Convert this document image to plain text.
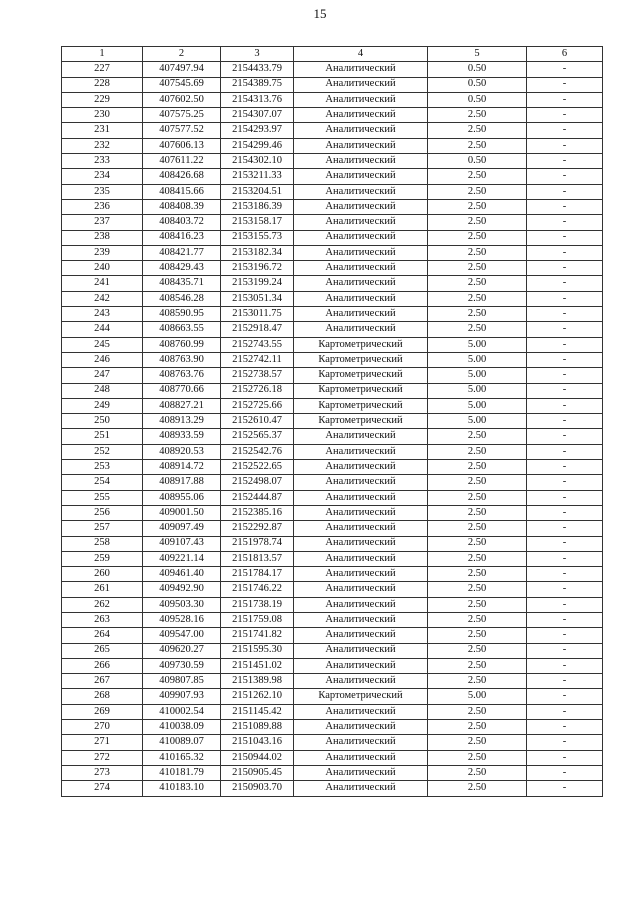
15
1	2	3	4	5	6
227	407497.94	2154433.79	Аналитический	0.50	-
228	407545.69	2154389.75	Аналитический	0.50	-
229	407602.50	2154313.76	Аналитический	0.50	-
230	407575.25	2154307.07	Аналитический	2.50	-
231	407577.52	2154293.97	Аналитический	2.50	-
232	407606.13	2154299.46	Аналитический	2.50	-
233	407611.22	2154302.10	Аналитический	0.50	-
234	408426.68	2153211.33	Аналитический	2.50	-
235	408415.66	2153204.51	Аналитический	2.50	-
236	408408.39	2153186.39	Аналитический	2.50	-
237	408403.72	2153158.17	Аналитический	2.50	-
238	408416.23	2153155.73	Аналитический	2.50	-
239	408421.77	2153182.34	Аналитический	2.50	-
240	408429.43	2153196.72	Аналитический	2.50	-
241	408435.71	2153199.24	Аналитический	2.50	-
242	408546.28	2153051.34	Аналитический	2.50	-
243	408590.95	2153011.75	Аналитический	2.50	-
244	408663.55	2152918.47	Аналитический	2.50	-
245	408760.99	2152743.55	Картометрический	5.00	-
246	408763.90	2152742.11	Картометрический	5.00	-
247	408763.76	2152738.57	Картометрический	5.00	-
248	408770.66	2152726.18	Картометрический	5.00	-
249	408827.21	2152725.66	Картометрический	5.00	-
250	408913.29	2152610.47	Картометрический	5.00	-
251	408933.59	2152565.37	Аналитический	2.50	-
252	408920.53	2152542.76	Аналитический	2.50	-
253	408914.72	2152522.65	Аналитический	2.50	-
254	408917.88	2152498.07	Аналитический	2.50	-
255	408955.06	2152444.87	Аналитический	2.50	-
256	409001.50	2152385.16	Аналитический	2.50	-
257	409097.49	2152292.87	Аналитический	2.50	-
258	409107.43	2151978.74	Аналитический	2.50	-
259	409221.14	2151813.57	Аналитический	2.50	-
260	409461.40	2151784.17	Аналитический	2.50	-
261	409492.90	2151746.22	Аналитический	2.50	-
262	409503.30	2151738.19	Аналитический	2.50	-
263	409528.16	2151759.08	Аналитический	2.50	-
264	409547.00	2151741.82	Аналитический	2.50	-
265	409620.27	2151595.30	Аналитический	2.50	-
266	409730.59	2151451.02	Аналитический	2.50	-
267	409807.85	2151389.98	Аналитический	2.50	-
268	409907.93	2151262.10	Картометрический	5.00	-
269	410002.54	2151145.42	Аналитический	2.50	-
270	410038.09	2151089.88	Аналитический	2.50	-
271	410089.07	2151043.16	Аналитический	2.50	-
272	410165.32	2150944.02	Аналитический	2.50	-
273	410181.79	2150905.45	Аналитический	2.50	-
274	410183.10	2150903.70	Аналитический	2.50	-
